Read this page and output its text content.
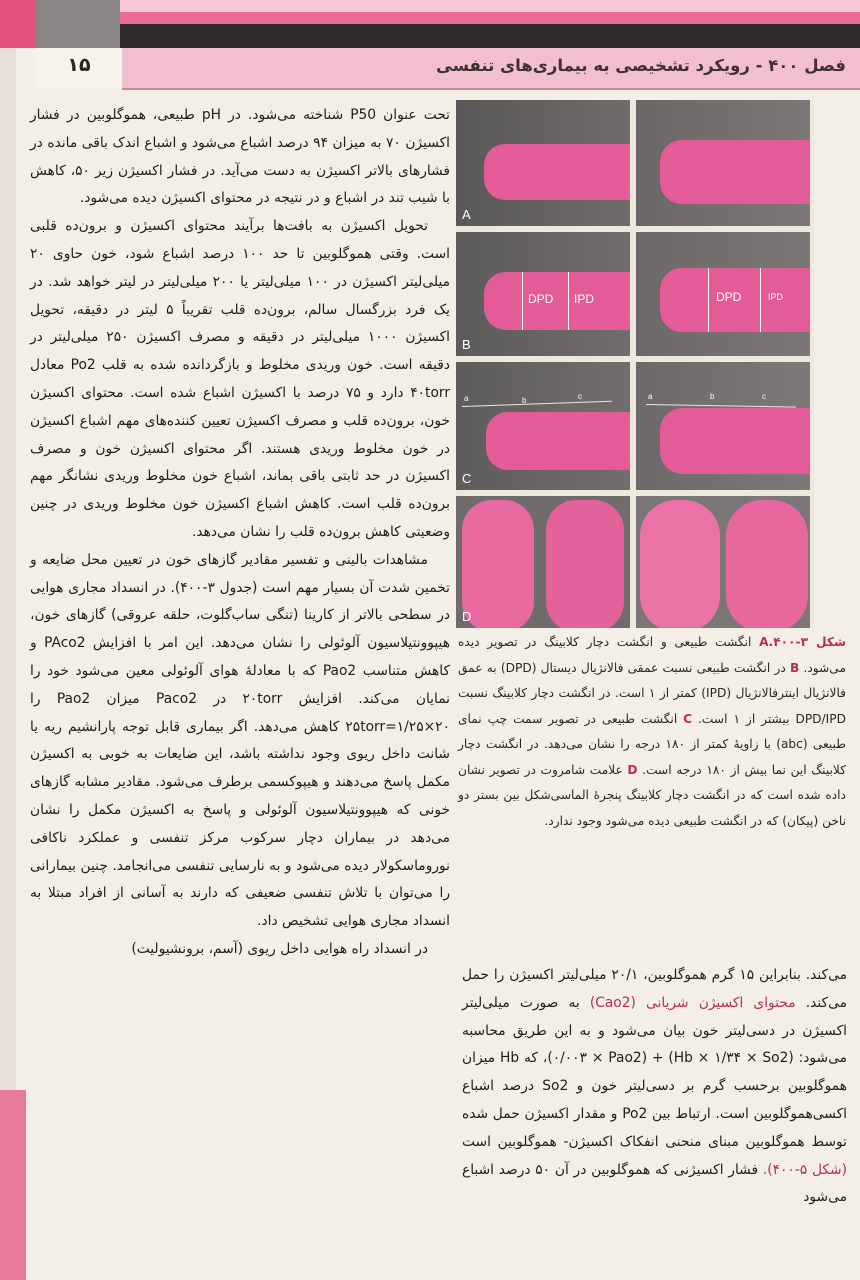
۱۵	فصل ۴۰۰ - رویکرد تشخیصی به بیماری‌های تنفسی

تحت عنوان P50 شناخته می‌شود. در pH طبیعی، هموگلوبین در فشار اکسیژن ۷۰ به میزان ۹۴ درصد اشباع می‌شود و اشباع اندک باقی مانده در فشارهای بالاتر اکسیژن به دست می‌آید. در فشار اکسیژن زیر ۵۰، کاهش با شیب تند در اشباع و در نتیجه در محتوای اکسیژن دیده می‌شود.

تحویل اکسیژن به بافت‌ها برآیند محتوای اکسیژن و برون‌ده قلبی است. وقتی هموگلوبین تا حد ۱۰۰ درصد اشباع شود، خون حاوی ۲۰ میلی‌لیتر اکسیژن در ۱۰۰ میلی‌لیتر یا ۲۰۰ میلی‌لیتر در لیتر خواهد شد. در یک فرد بزرگسال سالم، برون‌ده قلب تقریباً ۵ لیتر در دقیقه، تحویل اکسیژن ۱۰۰۰ میلی‌لیتر در دقیقه و مصرف اکسیژن ۲۵۰ میلی‌لیتر در دقیقه است. خون وریدی مخلوط و بازگردانده شده به قلب Po2 معادل ۴۰torr دارد و ۷۵ درصد با اکسیژن اشباع شده است. محتوای اکسیژن خون، برون‌ده قلب و مصرف اکسیژن تعیین کننده‌های مهم اشباع اکسیژن در خون مخلوط وریدی هستند. اگر محتوای اکسیژن خون و مصرف اکسیژن در حد ثابتی باقی بماند، اشباع خون مخلوط وریدی نشانگر مهم برون‌ده قلب است. کاهش اشباع اکسیژن خون مخلوط وریدی در چنین وضعیتی کاهش برون‌ده قلب را نشان می‌دهد.

مشاهدات بالینی و تفسیر مقادیر گازهای خون در تعیین محل ضایعه و تخمین شدت آن بسیار مهم است (جدول ۳-۴۰۰). در انسداد مجاری هوایی در سطحی بالاتر از کارینا (تنگی ساب‌گلوت، حلقه عروقی) گازهای خون، هیپوونتیلاسیون آلوئولی را نشان می‌دهد. این امر با افزایش PAco2 و کاهش متناسب Pao2 که با معادلهٔ هوای آلوئولی معین می‌شود خود را نمایان می‌کند. افزایش ۲۰torr در Paco2 میزان Pao2 را ۲۵torr=۱/۲۵×۲۰ کاهش می‌دهد. اگر بیماری قابل توجه پارانشیم ریه یا شانت داخل ریوی وجود نداشته باشد، این ضایعات به خوبی به اکسیژن مکمل پاسخ می‌دهند و هیپوکسمی برطرف می‌شود. مقادیر مشابه گازهای خونی که هیپوونتیلاسیون آلوئولی و پاسخ به اکسیژن مکمل را نشان می‌دهد در بیماران دچار سرکوب مرکز تنفسی و عملکرد ناکافی نوروماسکولار دیده می‌شود و به نارسایی تنفسی می‌انجامد. چنین بیمارانی را می‌توان با تلاش تنفسی ضعیفی که دارند به آسانی از افراد مبتلا به انسداد مجاری هوایی تشخیص داد.

در انسداد راه هوایی داخل ریوی (آسم، برونشیولیت)

A
DPD IPD
B
DPD	IPD
a	b	c
C
a	b	c
D
شکل ۳-۴۰۰.A انگشت طبیعی و انگشت دچار کلابینگ در تصویر دیده می‌شود. B در انگشت طبیعی نسبت عمقی فالانژیال دیستال (DPD) به عمق فالانژیال اینترفالانژیال (IPD) کمتر از ۱ است. در انگشت دچار کلابینگ نسبت DPD/IPD بیشتر از ۱ است. C انگشت طبیعی در تصویر سمت چپ نمای طبیعی (abc) با زاویهٔ کمتر از ۱۸۰ درجه را نشان می‌دهد. در انگشت دچار کلابینگ این نما بیش از ۱۸۰ درجه است. D علامت شامروت در تصویر نشان داده شده است که در انگشت دچار کلابینگ پنجرهٔ الماسی‌شکل بین بستر دو ناخن (پیکان) که در انگشت طبیعی دیده می‌شود وجود ندارد.

می‌کند. بنابراین ۱۵ گرم هموگلوبین، ۲۰/۱ میلی‌لیتر اکسیژن را حمل می‌کند. محتوای اکسیژن شریانی (Cao2) به صورت میلی‌لیتر اکسیژن در دسی‌لیتر خون بیان می‌شود و به این طریق محاسبه می‌شود: (Hb × ۱/۳۴ × So2) + (۰/۰۰۳ × Pao2)، که Hb میزان هموگلوبین برحسب گرم بر دسی‌لیتر خون و So2 درصد اشباع اکسی‌هموگلوبین است. ارتباط بین Po2 و مقدار اکسیژن حمل شده توسط هموگلوبین مبنای منحنی انفکاک اکسیژن- هموگلوبین است (شکل ۵-۴۰۰). فشار اکسیژنی که هموگلوبین در آن ۵۰ درصد اشباع می‌شود
